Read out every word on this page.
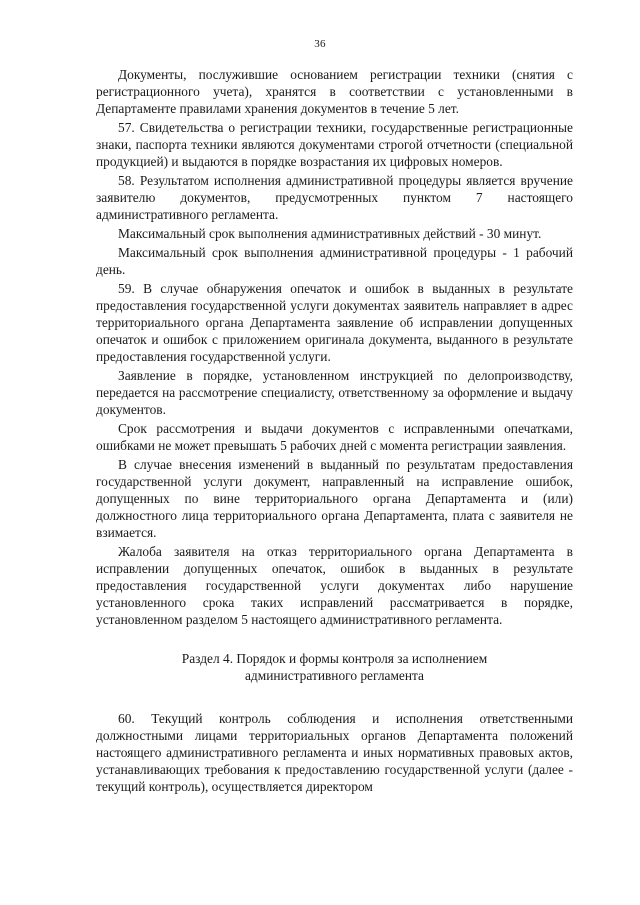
36

Документы, послужившие основанием регистрации техники (снятия с регистрационного учета), хранятся в соответствии с установленными в Департаменте правилами хранения документов в течение 5 лет.

57. Свидетельства о регистрации техники, государственные регистрационные знаки, паспорта техники являются документами строгой отчетности (специальной продукцией) и выдаются в порядке возрастания их цифровых номеров.

58. Результатом исполнения административной процедуры является вручение заявителю документов, предусмотренных пунктом 7 настоящего административного регламента.

Максимальный срок выполнения административных действий - 30 минут.

Максимальный срок выполнения административной процедуры - 1 рабочий день.

59. В случае обнаружения опечаток и ошибок в выданных в результате предоставления государственной услуги документах заявитель направляет в адрес территориального органа Департамента заявление об исправлении допущенных опечаток и ошибок с приложением оригинала документа, выданного в результате предоставления государственной услуги.

Заявление в порядке, установленном инструкцией по делопроизводству, передается на рассмотрение специалисту, ответственному за оформление и выдачу документов.

Срок рассмотрения и выдачи документов с исправленными опечатками, ошибками не может превышать 5 рабочих дней с момента регистрации заявления.

В случае внесения изменений в выданный по результатам предоставления государственной услуги документ, направленный на исправление ошибок, допущенных по вине территориального органа Департамента и (или) должностного лица территориального органа Департамента, плата с заявителя не взимается.

Жалоба заявителя на отказ территориального органа Департамента в исправлении допущенных опечаток, ошибок в выданных в результате предоставления государственной услуги документах либо нарушение установленного срока таких исправлений рассматривается в порядке, установленном разделом 5 настоящего административного регламента.

Раздел 4. Порядок и формы контроля за исполнением
административного регламента

60. Текущий контроль соблюдения и исполнения ответственными должностными лицами территориальных органов Департамента положений настоящего административного регламента и иных нормативных правовых актов, устанавливающих требования к предоставлению государственной услуги (далее - текущий контроль), осуществляется директором
